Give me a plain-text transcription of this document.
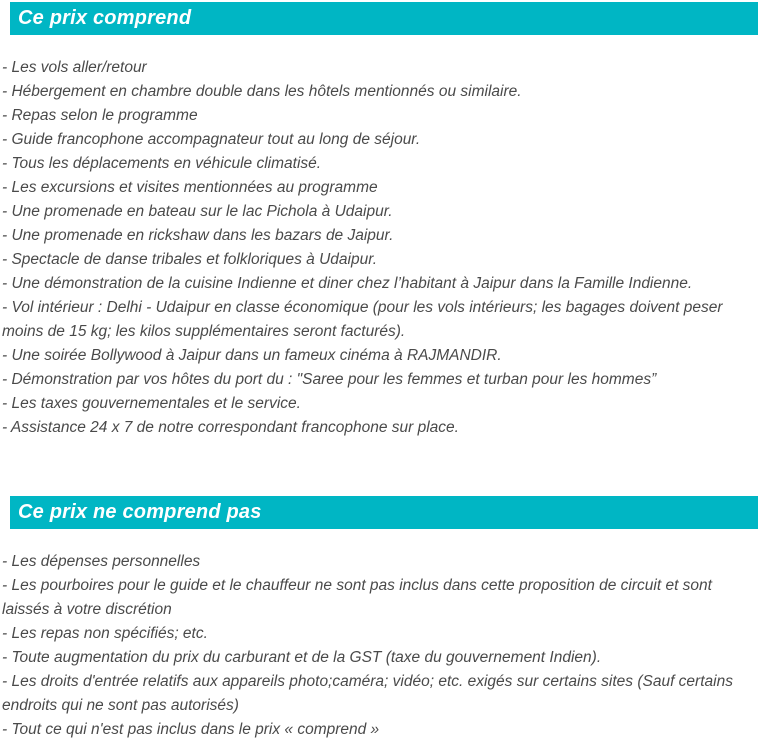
Ce prix comprend

- Les vols aller/retour

- Hébergement en chambre double dans les hôtels mentionnés ou similaire.

- Repas selon le programme

- Guide francophone accompagnateur tout au long de séjour.

- Tous les déplacements en véhicule climatisé.

- Les excursions et visites mentionnées au programme

- Une promenade en bateau sur le lac Pichola à Udaipur.

- Une promenade en rickshaw dans les bazars de Jaipur.

- Spectacle de danse tribales et folkloriques à Udaipur.

- Une démonstration de la cuisine Indienne et diner chez l’habitant à Jaipur dans la Famille Indienne.

- Vol intérieur : Delhi - Udaipur en classe économique (pour les vols intérieurs; les bagages doivent peser moins de 15 kg; les kilos supplémentaires seront facturés).

- Une soirée Bollywood à Jaipur dans un fameux cinéma à RAJMANDIR.

- Démonstration par vos hôtes du port du : "Saree pour les femmes et turban pour les hommes”

- Les taxes gouvernementales et le service.

- Assistance 24 x 7 de notre correspondant francophone sur place.

Ce prix ne comprend pas

- Les dépenses personnelles

- Les pourboires pour le guide et le chauffeur ne sont pas inclus dans cette proposition de circuit et sont laissés à votre discrétion

- Les repas non spécifiés; etc.

- Toute augmentation du prix du carburant et de la GST (taxe du gouvernement Indien).

- Les droits d'entrée relatifs aux appareils photo;caméra; vidéo; etc. exigés sur certains sites (Sauf certains endroits qui ne sont pas autorisés)

- Tout ce qui n'est pas inclus dans le prix « comprend »
